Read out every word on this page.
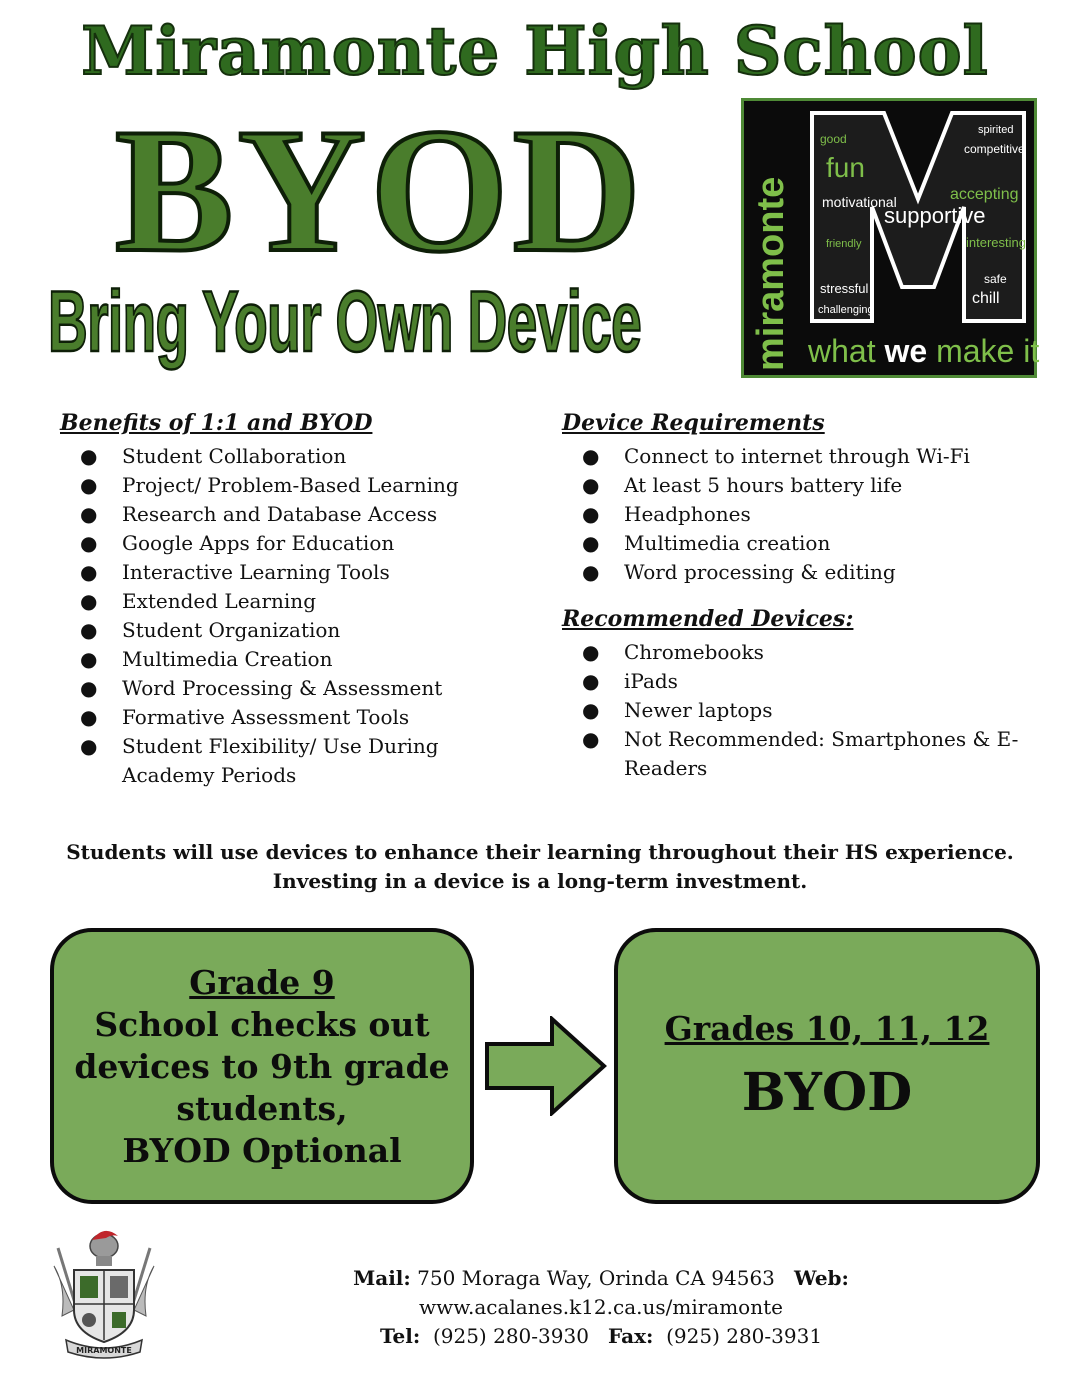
Miramonte High School
BYOD
Bring Your Own Device	miramonte
fun
supportive
motivational	accepting
interesting
competitive
challenging
stressful
chill
good
spirited
friendly
safe
what we make it

Benefits of 1:1 and BYOD

● Student Collaboration
● Project/ Problem-Based Learning
● Research and Database Access
● Google Apps for Education
● Interactive Learning Tools
● Extended Learning
● Student Organization
● Multimedia Creation
● Word Processing & Assessment
● Formative Assessment Tools
● Student Flexibility/ Use During Academy Periods

Device Requirements

● Connect to internet through Wi-Fi
● At least 5 hours battery life
● Headphones
● Multimedia creation
● Word processing & editing

Recommended Devices:

● Chromebooks
● iPads
● Newer laptops
● Not Recommended: Smartphones & E-Readers
Students will use devices to enhance their learning throughout their HS experience.
Investing in a device is a long-term investment.
Grade 9
School checks out
devices to 9th grade
students,
BYOD Optional
Grades 10, 11, 12
BYOD
MIRAMONTE
Mail: 750 Moraga Way, Orinda CA 94563 Web:
www.acalanes.k12.ca.us/miramonte
Tel: (925) 280-3930 Fax: (925) 280-3931
